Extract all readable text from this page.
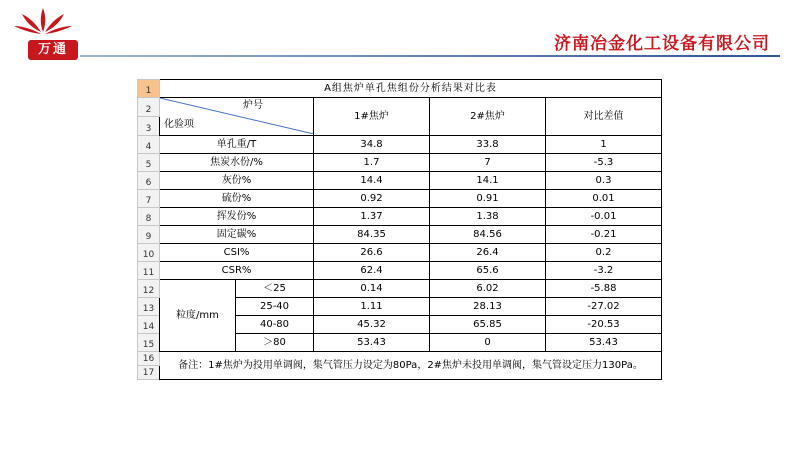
万通	济南冶金化工设备有限公司
1	A组焦炉单孔焦组份分析结果对比表				
2	炉号
化验项		1#焦炉	2#焦炉	对比差值
3					
4	单孔重/T		34.8	33.8	1
5	焦炭水份/%		1.7	7	-5.3
6	灰份%		14.4	14.1	0.3
7	硫份%		0.92	0.91	0.01
8	挥发份%		1.37	1.38	-0.01
9	固定碳%		84.35	84.56	-0.21
10	CSI%		26.6	26.4	0.2
11	CSR%		62.4	65.6	-3.2
12	粒度/mm	＜25	0.14	6.02	-5.88
13		25-40	1.11	28.13	-27.02
14		40-80	45.32	65.85	-20.53
15		＞80	53.43	0	53.43
16	备注：1#焦炉为投用单调阀，集气管压力设定为80Pa，2#焦炉未投用单调阀，集气管设定压力130Pa。				
17					
